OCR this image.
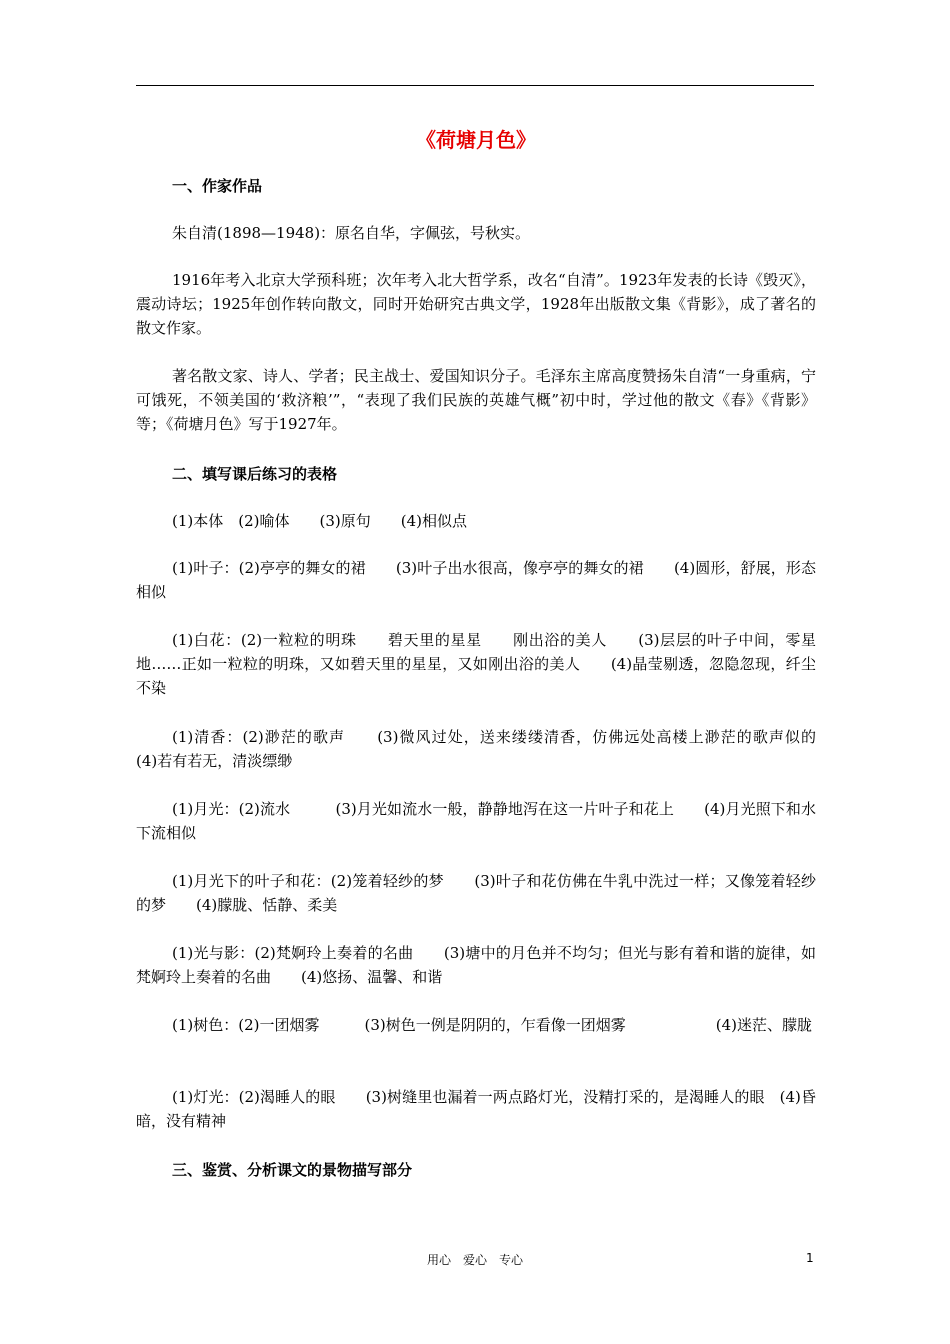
《荷塘月色》
一、作家作品
朱自清(1898—1948)：原名自华，字佩弦，号秋实。
1916年考入北京大学预科班；次年考入北大哲学系，改名“自清”。1923年发表的长诗《毁灭》，震动诗坛；1925年创作转向散文，同时开始研究古典文学，1928年出版散文集《背影》，成了著名的散文作家。
著名散文家、诗人、学者；民主战士、爱国知识分子。毛泽东主席高度赞扬朱自清“一身重病，宁可饿死，不领美国的‘救济粮’”，“表现了我们民族的英雄气概”初中时，学过他的散文《春》《背影》等；《荷塘月色》写于1927年。
二、填写课后练习的表格
(1)本体　(2)喻体　　(3)原句　　(4)相似点
(1)叶子：(2)亭亭的舞女的裙　　(3)叶子出水很高，像亭亭的舞女的裙　　(4)圆形，舒展，形态相似
(1)白花：(2)一粒粒的明珠　　碧天里的星星　　刚出浴的美人　　(3)层层的叶子中间，零星地……正如一粒粒的明珠，又如碧天里的星星，又如刚出浴的美人　　(4)晶莹剔透，忽隐忽现，纤尘不染
(1)清香：(2)渺茫的歌声　　(3)微风过处，送来缕缕清香，仿佛远处高楼上渺茫的歌声似的　　(4)若有若无，清淡缥缈
(1)月光：(2)流水　　　(3)月光如流水一般，静静地泻在这一片叶子和花上　　(4)月光照下和水下流相似
(1)月光下的叶子和花：(2)笼着轻纱的梦　　(3)叶子和花仿佛在牛乳中洗过一样；又像笼着轻纱的梦　　(4)朦胧、恬静、柔美
(1)光与影：(2)梵婀玲上奏着的名曲　　(3)塘中的月色并不均匀；但光与影有着和谐的旋律，如梵婀玲上奏着的名曲　　(4)悠扬、温馨、和谐
(1)树色：(2)一团烟雾　　　(3)树色一例是阴阴的，乍看像一团烟雾　　　　　　(4)迷茫、朦胧
(1)灯光：(2)渴睡人的眼　　(3)树缝里也漏着一两点路灯光，没精打采的，是渴睡人的眼　(4)昏暗，没有精神
三、鉴赏、分析课文的景物描写部分
用心　爱心　专心	1
